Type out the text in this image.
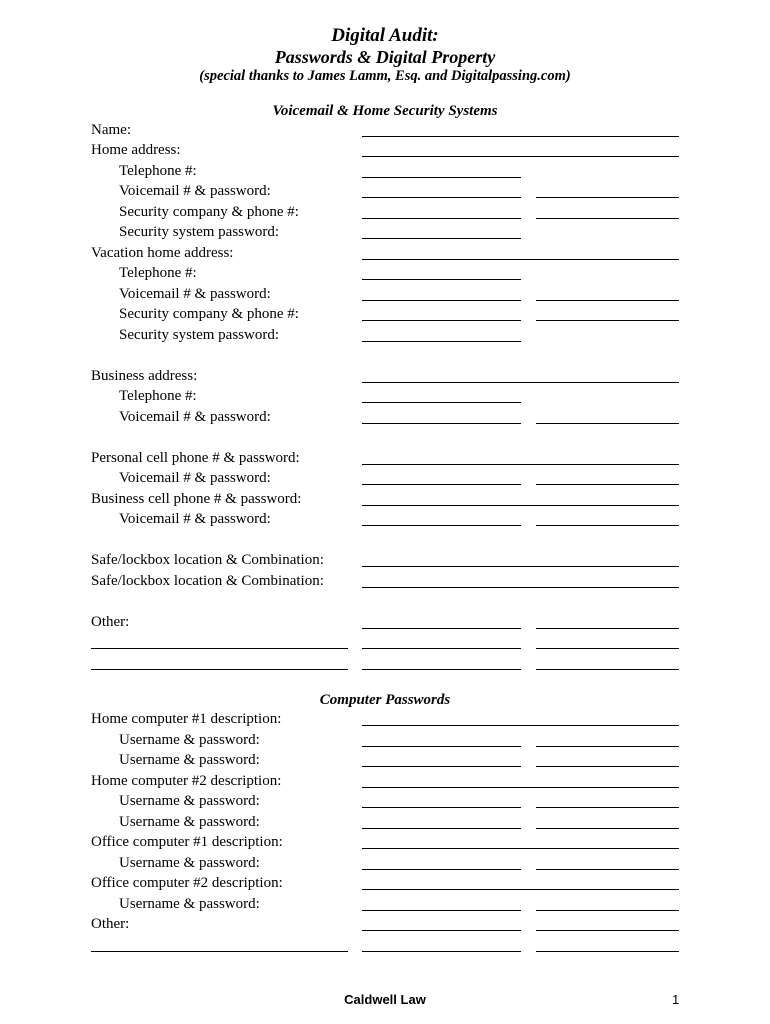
Digital Audit:
Passwords & Digital Property
(special thanks to James Lamm, Esq. and Digitalpassing.com)
Voicemail & Home Security Systems
Name:
Home address:
Telephone #:
Voicemail # & password:
Security company & phone #:
Security system password:
Vacation home address:
Telephone #:
Voicemail # & password:
Security company & phone #:
Security system password:
Business address:
Telephone #:
Voicemail # & password:
Personal cell phone # & password:
Voicemail # & password:
Business cell phone # & password:
Voicemail # & password:
Safe/lockbox location & Combination:
Safe/lockbox location & Combination:
Other:
Computer Passwords
Home computer #1 description:
Username & password:
Username & password:
Home computer #2 description:
Username & password:
Username & password:
Office computer #1 description:
Username & password:
Office computer #2 description:
Username & password:
Other:
Caldwell Law	1
